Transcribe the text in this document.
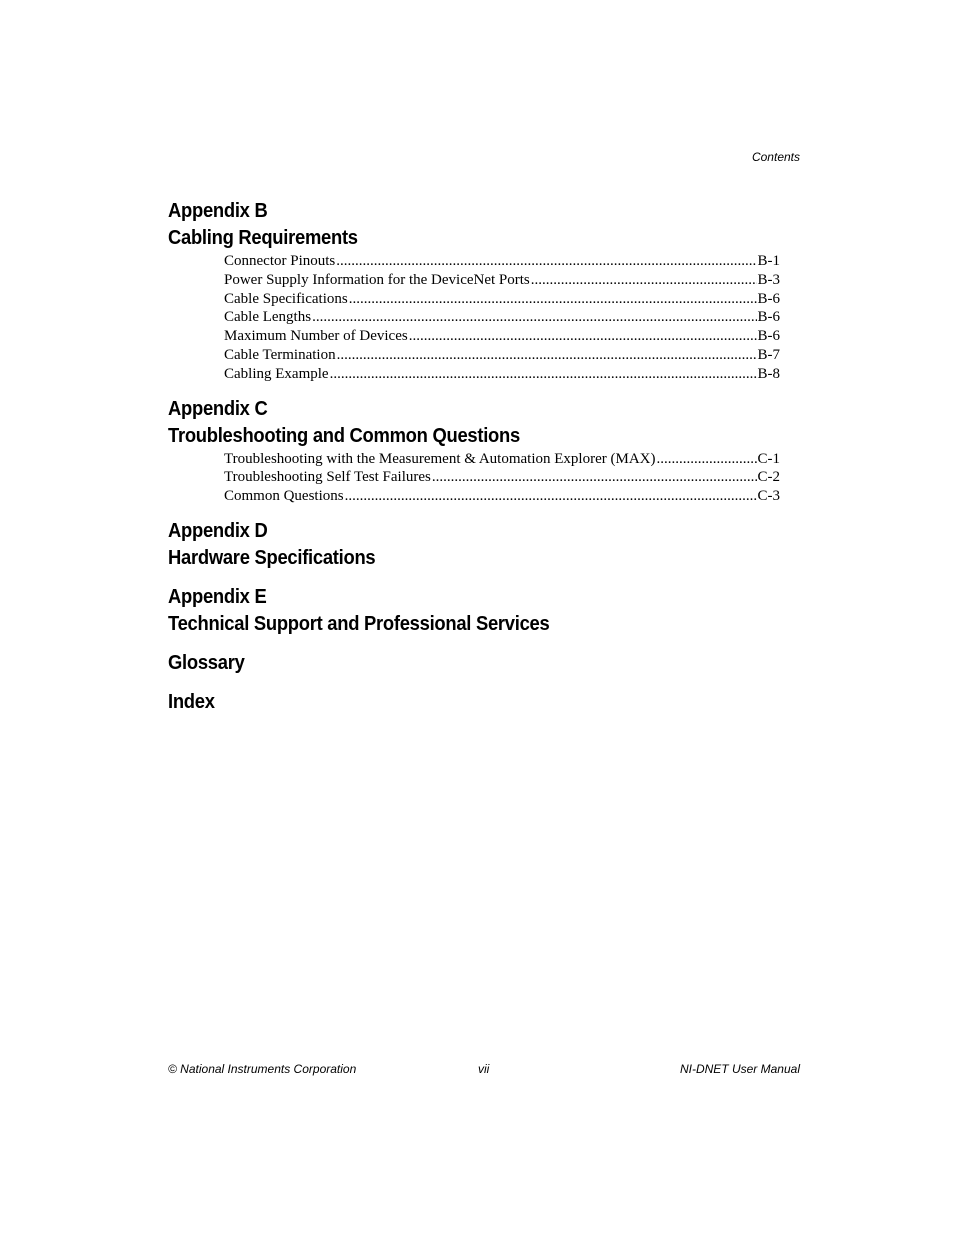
Contents
Appendix B
Cabling Requirements
Connector Pinouts .....	B-1
Power Supply Information for the DeviceNet Ports .....	B-3
Cable Specifications .....	B-6
Cable Lengths .....	B-6
Maximum Number of Devices .....	B-6
Cable Termination .....	B-7
Cabling Example .....	B-8
Appendix C
Troubleshooting and Common Questions
Troubleshooting with the Measurement & Automation Explorer (MAX) .....	C-1
Troubleshooting Self Test Failures .....	C-2
Common Questions .....	C-3
Appendix D
Hardware Specifications
Appendix E
Technical Support and Professional Services
Glossary
Index
© National Instruments Corporation	vii	NI-DNET User Manual
